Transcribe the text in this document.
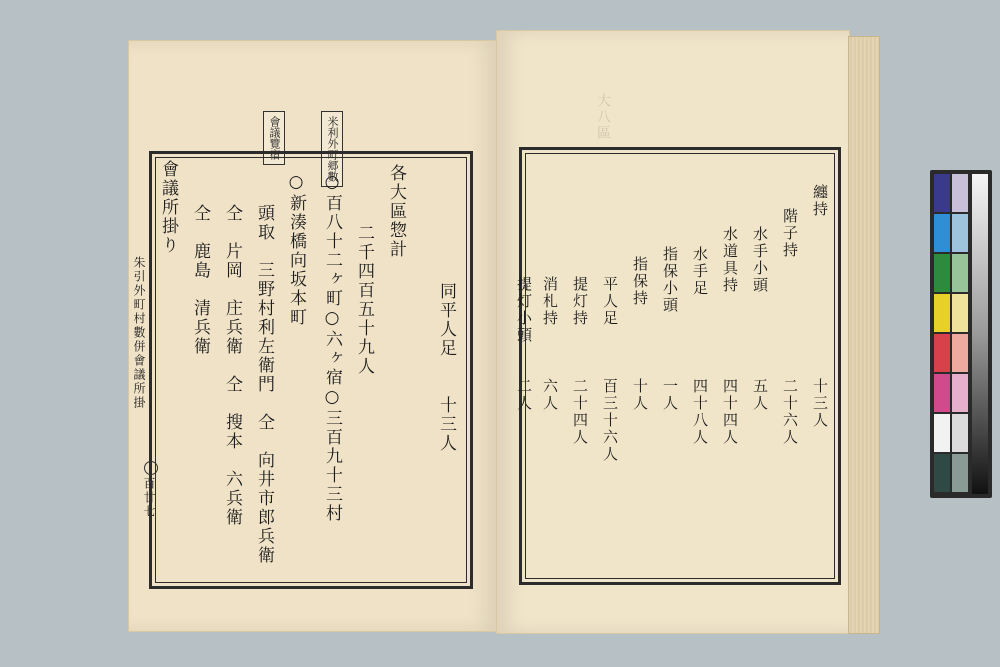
會議覽宿	米利外町郷數
朱引外町村數併會議所掛
百廿七
同平人足　　十三人
各大區惣計
二千四百五十九人
○百八十二ヶ町○六ヶ宿○三百九十三村
○新湊橋向坂本町
頭取　三野村利左衛門　仝　向井市郎兵衛
仝　片岡　庄兵衛　仝　搜本　六兵衛
仝　鹿島　清兵衛
會議所掛り
大八區
纏持
十三人
階子持
二十六人
水手小頭
五人
水道具持
四十四人
水手足
四十八人
指保小頭
一人
指保持
十人
平人足
百三十六人
提灯持
二十四人
消札持
六人
提灯小頭
二人
